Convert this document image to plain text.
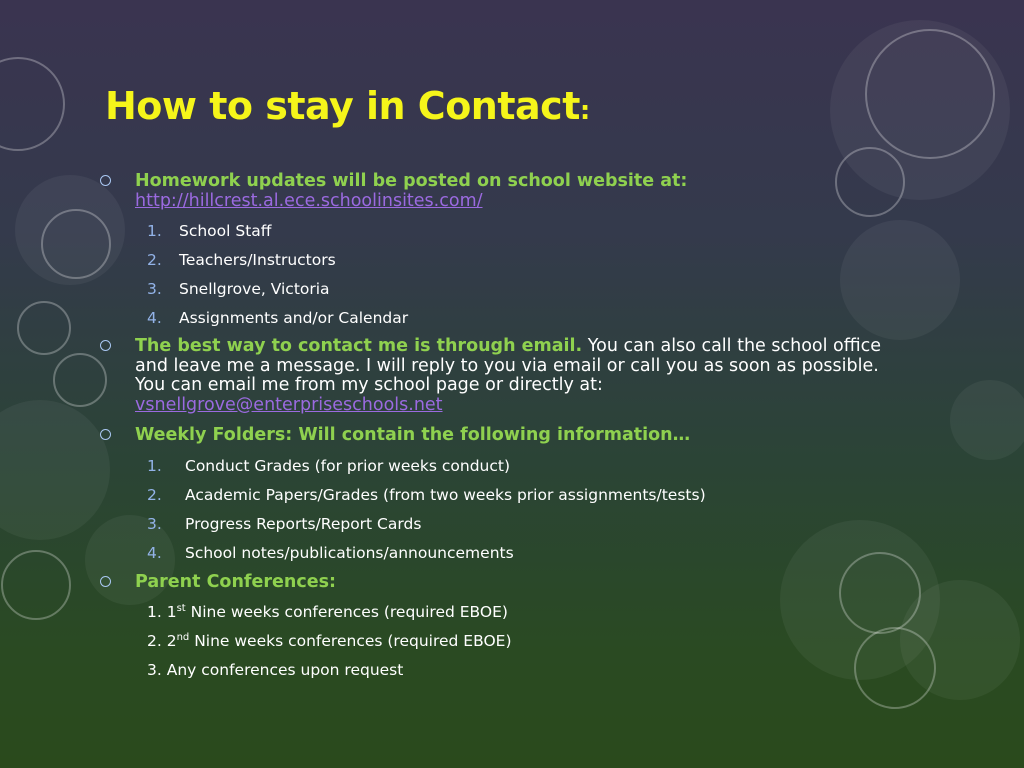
How to stay in Contact:
Homework updates will be posted on school website at:
http://hillcrest.al.ece.schoolinsites.com/
1. School Staff
2. Teachers/Instructors
3. Snellgrove, Victoria
4. Assignments and/or Calendar
The best way to contact me is through email. You can also call the school office and leave me a message. I will reply to you via email or call you as soon as possible. You can email me from my school page or directly at: vsnellgrove@enterpriseschools.net
Weekly Folders: Will contain the following information…
1. Conduct Grades (for prior weeks conduct)
2. Academic Papers/Grades (from two weeks prior assignments/tests)
3. Progress Reports/Report Cards
4. School notes/publications/announcements
Parent Conferences:
1. 1st Nine weeks conferences (required EBOE)
2. 2nd Nine weeks conferences (required EBOE)
3. Any conferences upon request
